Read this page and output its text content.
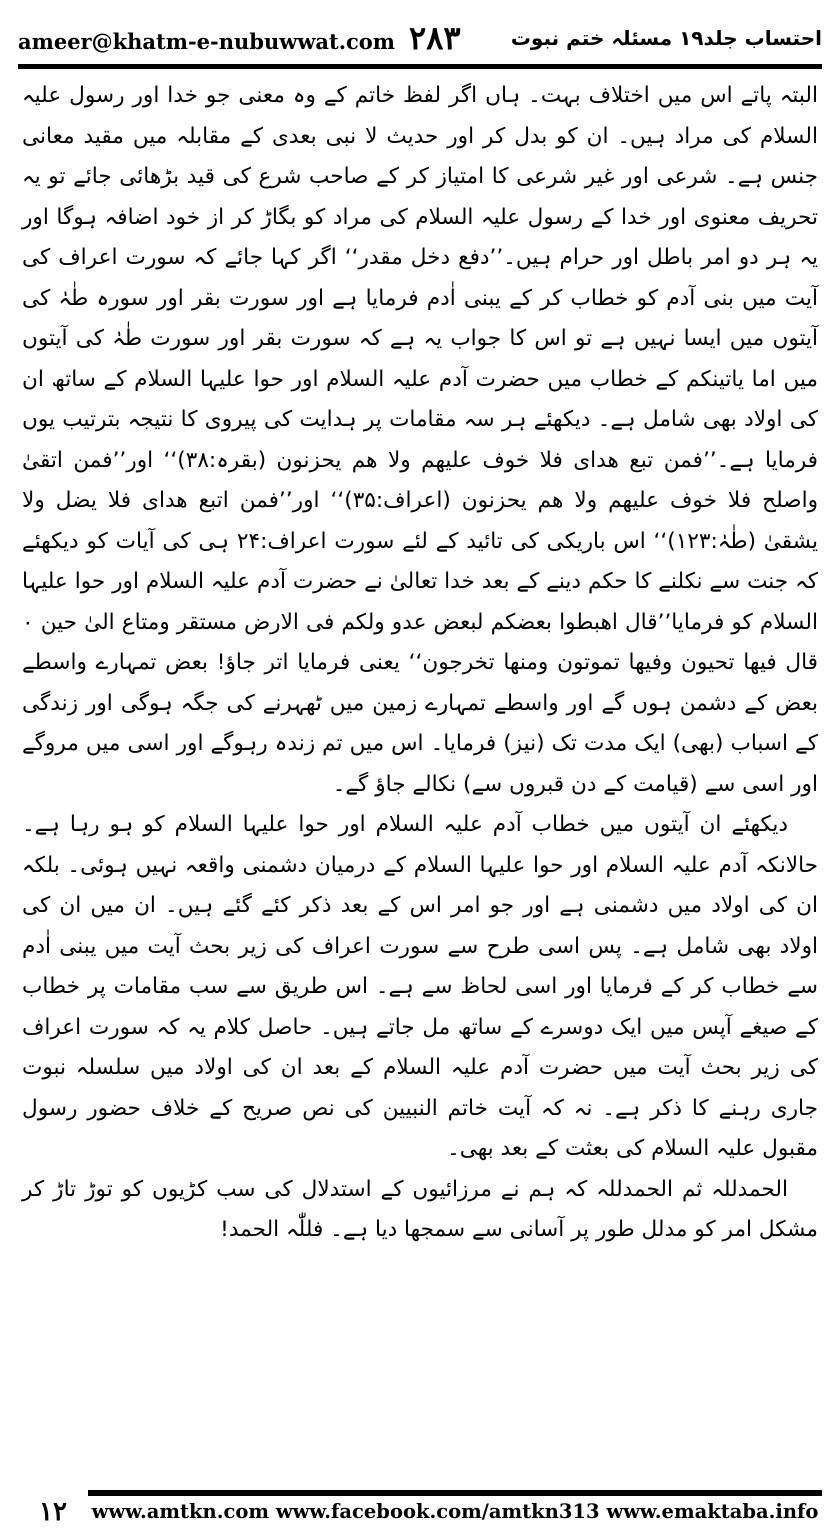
ameer@khatm-e-nubuwwat.com ۲۸۳	احتساب جلد۱۹ مسئلہ ختم نبوت

البتہ پاتے اس میں اختلاف بہت۔ ‌ہاں اگر لفظ خاتم کے وہ معنی جو خدا اور رسول علیہ السلام کی مراد ہیں۔ ان کو بدل کر اور حدیث لا نبی بعدی کے مقابلہ میں مقید معانی جنس ہے۔ شرعی اور غیر شرعی کا امتیاز کر کے صاحب شرع کی قید بڑھائی جائے تو یہ تحریف معنوی اور خدا کے رسول علیہ السلام کی مراد کو بگاڑ کر از خود اضافہ ہوگا اور یہ ہر دو امر باطل اور حرام ہیں۔’’دفع دخل مقدر‘‘ اگر کہا جائے کہ سورت اعراف کی آیت میں بنی آدم کو خطاب کر کے یبنی اٰدم فرمایا ہے اور سورت بقر اور سورہ طٰہٰ کی آیتوں میں ایسا نہیں ہے تو اس کا جواب یہ ہے کہ سورت بقر اور سورت طٰہٰ کی آیتوں میں اما یاتینکم کے خطاب میں حضرت آدم علیہ السلام اور حوا علیہا السلام کے ساتھ ان کی اولاد بھی شامل ہے۔ دیکھئے ہر سہ مقامات پر ہدایت کی پیروی کا نتیجہ بترتیب یوں فرمایا ہے۔’’فمن تبع ھدای فلا خوف علیھم ولا ھم یحزنون (بقرہ:۳۸)‘‘ اور’’فمن اتقیٰ واصلح فلا خوف علیھم ولا ھم یحزنون (اعراف:۳۵)‘‘ اور’’فمن اتبع ھدای فلا یضل ولا یشقیٰ (طٰہٰ:۱۲۳)‘‘ اس باریکی کی تائید کے لئے سورت اعراف:۲۴ ہی کی آیات کو دیکھئے کہ جنت سے نکلنے کا حکم دینے کے بعد خدا تعالیٰ نے حضرت آدم علیہ السلام اور حوا علیہا السلام کو فرمایا’’قال اھبطوا بعضکم لبعض عدو ولکم فی الارض مستقر ومتاع الیٰ حین ۰ قال فیھا تحیون وفیھا تموتون ومنھا تخرجون‘‘ ‌یعنی فرمایا اتر جاؤ! بعض تمہارے واسطے بعض کے دشمن ہوں گے اور واسطے تمہارے زمین میں ٹھہرنے کی جگہ ہوگی اور زندگی کے اسباب (بھی) ایک مدت تک (نیز) فرمایا۔ اس میں تم زندہ رہوگے اور اسی میں مروگے اور اسی سے (قیامت کے دن قبروں سے) نکالے جاؤ گے۔ ‌

دیکھئے ان آیتوں میں خطاب آدم علیہ السلام اور حوا علیہا السلام کو ہو رہا ہے۔ حالانکہ آدم علیہ السلام اور حوا علیہا السلام کے درمیان دشمنی واقعہ نہیں ہوئی۔ بلکہ ان کی اولاد میں دشمنی ہے اور جو امر اس کے بعد ذکر کئے گئے ہیں۔ ان میں ان کی اولاد بھی شامل ہے۔ پس اسی طرح سے سورت اعراف کی زیر بحث آیت میں یبنی اٰدم سے خطاب کر کے فرمایا اور اسی لحاظ سے ہے۔ اس طریق سے سب مقامات پر خطاب کے صیغے آپس میں ایک دوسرے کے ساتھ مل جاتے ہیں۔ حاصل کلام یہ کہ سورت اعراف کی زیر بحث آیت میں حضرت آدم علیہ السلام کے بعد ان کی اولاد میں سلسلہ نبوت جاری رہنے کا ذکر ہے۔ نہ کہ آیت خاتم النبیین کی نص صریح کے خلاف حضور رسول مقبول علیہ السلام کی بعثت کے بعد بھی۔

الحمدللہ ثم الحمدللہ کہ ہم نے مرزائیوں کے استدلال کی سب کڑیوں کو توڑ تاڑ کر مشکل امر کو مدلل طور پر آسانی سے سمجھا دیا ہے۔ فللّٰہ الحمد!

۱۲	www.amtkn.com www.facebook.com/amtkn313 www.emaktaba.info
